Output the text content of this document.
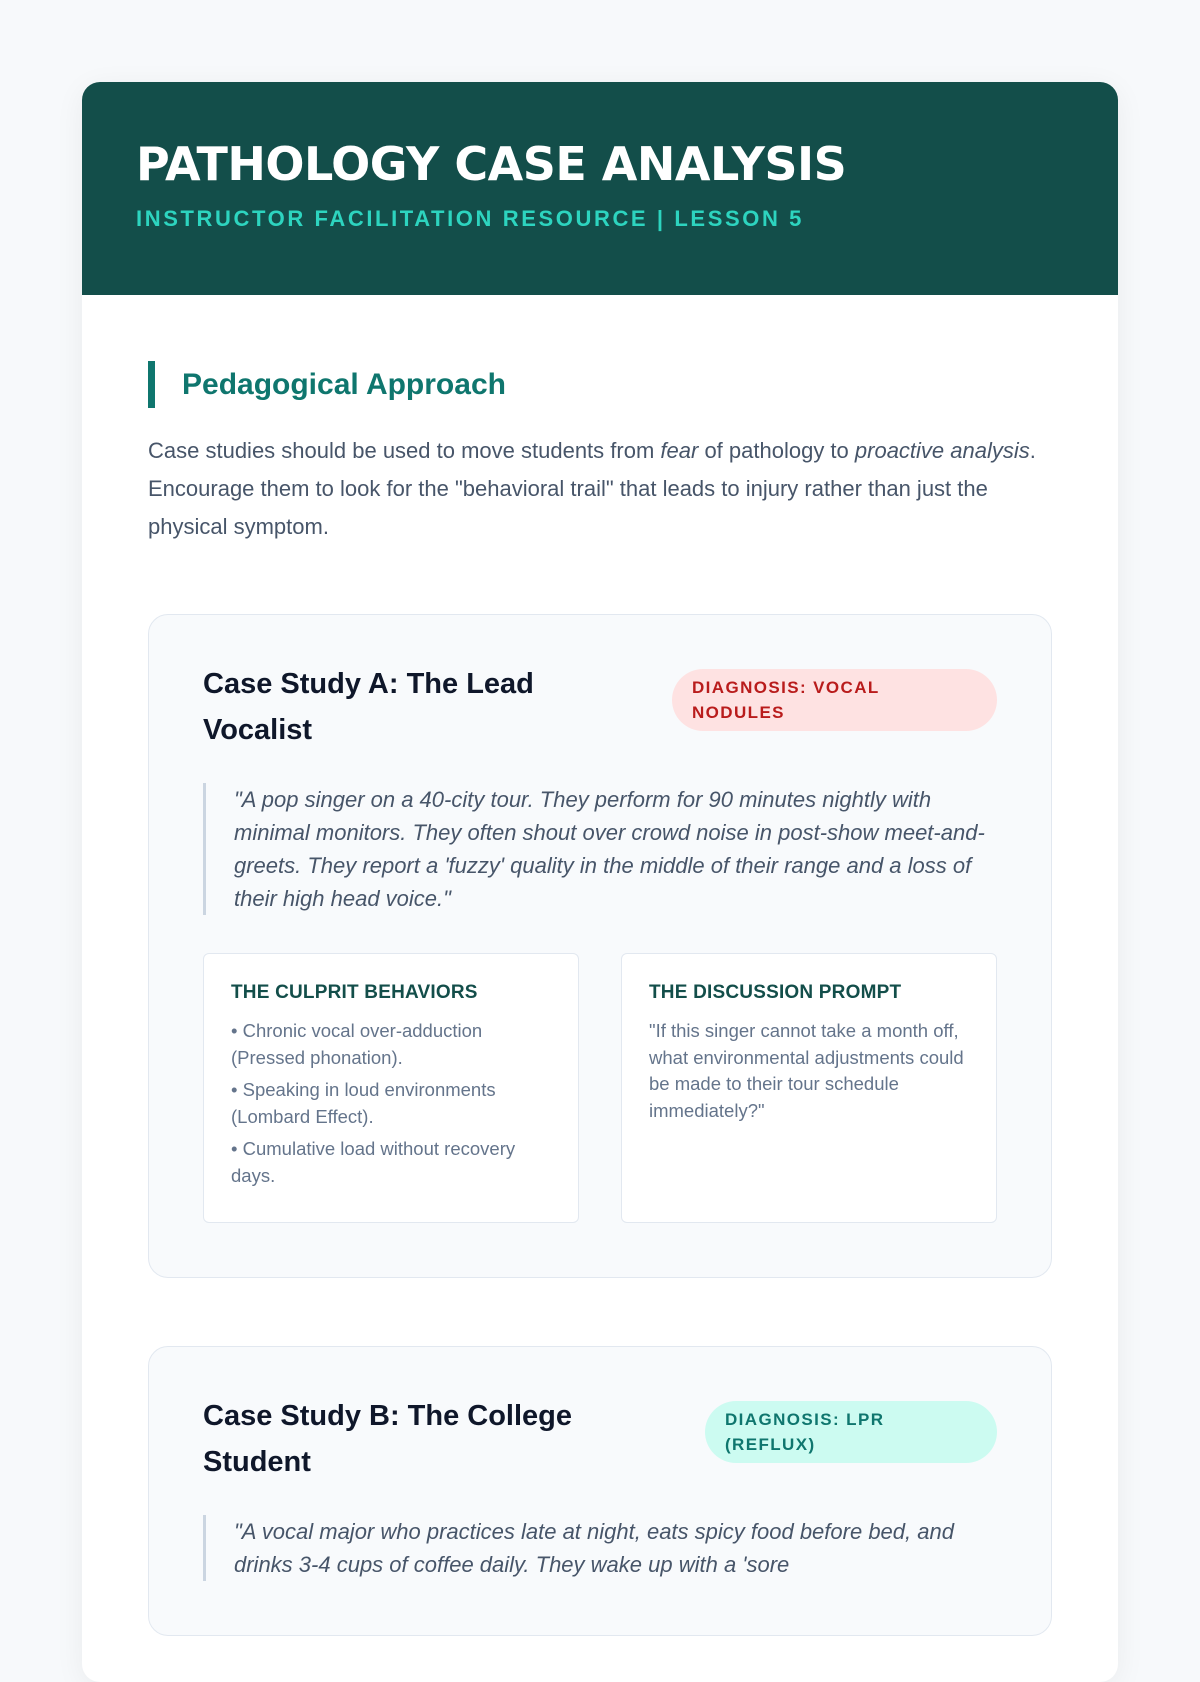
PATHOLOGY CASE ANALYSIS
INSTRUCTOR FACILITATION RESOURCE | LESSON 5
Pedagogical Approach

Case studies should be used to move students from fear of pathology to proactive analysis. Encourage them to look for the "behavioral trail" that leads to injury rather than just the physical symptom.

Case Study A: The Lead Vocalist
DIAGNOSIS: VOCAL NODULES
"A pop singer on a 40-city tour. They perform for 90 minutes nightly with minimal monitors. They often shout over crowd noise in post-show meet-and-greets. They report a 'fuzzy' quality in the middle of their range and a loss of their high head voice."
THE CULPRIT BEHAVIORS
• Chronic vocal over-adduction (Pressed phonation).
• Speaking in loud environments (Lombard Effect).
• Cumulative load without recovery days.
THE DISCUSSION PROMPT
"If this singer cannot take a month off, what environmental adjustments could be made to their tour schedule immediately?"
Case Study B: The College Student
DIAGNOSIS: LPR (REFLUX)
"A vocal major who practices late at night, eats spicy food before bed, and drinks 3-4 cups of coffee daily. They wake up with a 'sore
